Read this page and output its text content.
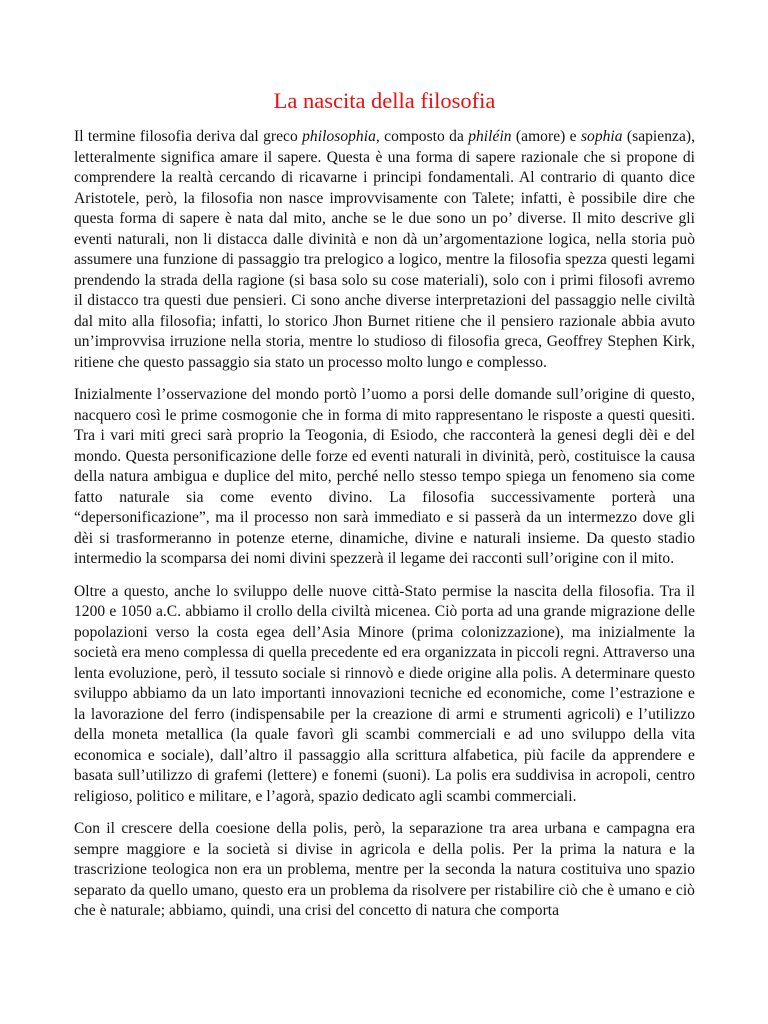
La nascita della filosofia

Il termine filosofia deriva dal greco philosophia, composto da philéin (amore) e sophia (sapienza), letteralmente significa amare il sapere. Questa è una forma di sapere razionale che si propone di comprendere la realtà cercando di ricavarne i principi fondamentali. Al contrario di quanto dice Aristotele, però, la filosofia non nasce improvvisamente con Talete; infatti, è possibile dire che questa forma di sapere è nata dal mito, anche se le due sono un po’ diverse. Il mito descrive gli eventi naturali, non li distacca dalle divinità e non dà un’argomentazione logica, nella storia può assumere una funzione di passaggio tra prelogico a logico, mentre la filosofia spezza questi legami prendendo la strada della ragione (si basa solo su cose materiali), solo con i primi filosofi avremo il distacco tra questi due pensieri. Ci sono anche diverse interpretazioni del passaggio nelle civiltà dal mito alla filosofia; infatti, lo storico Jhon Burnet ritiene che il pensiero razionale abbia avuto un’improvvisa irruzione nella storia, mentre lo studioso di filosofia greca, Geoffrey Stephen Kirk, ritiene che questo passaggio sia stato un processo molto lungo e complesso.

Inizialmente l’osservazione del mondo portò l’uomo a porsi delle domande sull’origine di questo, nacquero così le prime cosmogonie che in forma di mito rappresentano le risposte a questi quesiti. Tra i vari miti greci sarà proprio la Teogonia, di Esiodo, che racconterà la genesi degli dèi e del mondo. Questa personificazione delle forze ed eventi naturali in divinità, però, costituisce la causa della natura ambigua e duplice del mito, perché nello stesso tempo spiega un fenomeno sia come fatto naturale sia come evento divino. La filosofia successivamente porterà una “depersonificazione”, ma il processo non sarà immediato e si passerà da un intermezzo dove gli dèi si trasformeranno in potenze eterne, dinamiche, divine e naturali insieme. Da questo stadio intermedio la scomparsa dei nomi divini spezzerà il legame dei racconti sull’origine con il mito.

Oltre a questo, anche lo sviluppo delle nuove città-Stato permise la nascita della filosofia. Tra il 1200 e 1050 a.C. abbiamo il crollo della civiltà micenea. Ciò porta ad una grande migrazione delle popolazioni verso la costa egea dell’Asia Minore (prima colonizzazione), ma inizialmente la società era meno complessa di quella precedente ed era organizzata in piccoli regni. Attraverso una lenta evoluzione, però, il tessuto sociale si rinnovò e diede origine alla polis. A determinare questo sviluppo abbiamo da un lato importanti innovazioni tecniche ed economiche, come l’estrazione e la lavorazione del ferro (indispensabile per la creazione di armi e strumenti agricoli) e l’utilizzo della moneta metallica (la quale favorì gli scambi commerciali e ad uno sviluppo della vita economica e sociale), dall’altro il passaggio alla scrittura alfabetica, più facile da apprendere e basata sull’utilizzo di grafemi (lettere) e fonemi (suoni). La polis era suddivisa in acropoli, centro religioso, politico e militare, e l’agorà, spazio dedicato agli scambi commerciali.

Con il crescere della coesione della polis, però, la separazione tra area urbana e campagna era sempre maggiore e la società si divise in agricola e della polis. Per la prima la natura e la trascrizione teologica non era un problema, mentre per la seconda la natura costituiva uno spazio separato da quello umano, questo era un problema da risolvere per ristabilire ciò che è umano e ciò che è naturale; abbiamo, quindi, una crisi del concetto di natura che comporta
